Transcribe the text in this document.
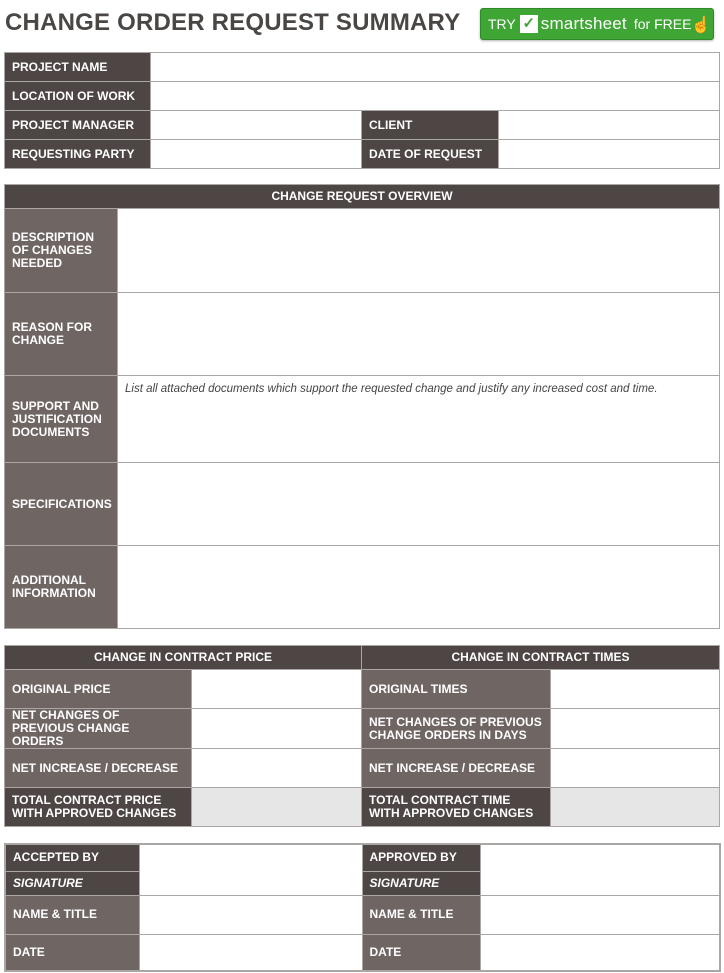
CHANGE ORDER REQUEST SUMMARY TRY ✓ smartsheet for FREE ☝
PROJECT NAME			
LOCATION OF WORK			
PROJECT MANAGER		CLIENT	
REQUESTING PARTY		DATE OF REQUEST	
CHANGE REQUEST OVERVIEW	
DESCRIPTION OF CHANGES NEEDED	
REASON FOR CHANGE	
SUPPORT AND JUSTIFICATION DOCUMENTS	List all attached documents which support the requested change and justify any increased cost and time.
SPECIFICATIONS	
ADDITIONAL INFORMATION	
CHANGE IN CONTRACT PRICE		CHANGE IN CONTRACT TIMES	
ORIGINAL PRICE		ORIGINAL TIMES	
NET CHANGES OF PREVIOUS CHANGE ORDERS		NET CHANGES OF PREVIOUS CHANGE ORDERS IN DAYS	
NET INCREASE / DECREASE		NET INCREASE / DECREASE	
TOTAL CONTRACT PRICE WITH APPROVED CHANGES		TOTAL CONTRACT TIME WITH APPROVED CHANGES	
ACCEPTED BY		APPROVED BY	
SIGNATURE		SIGNATURE	
NAME & TITLE		NAME & TITLE	
DATE		DATE	
